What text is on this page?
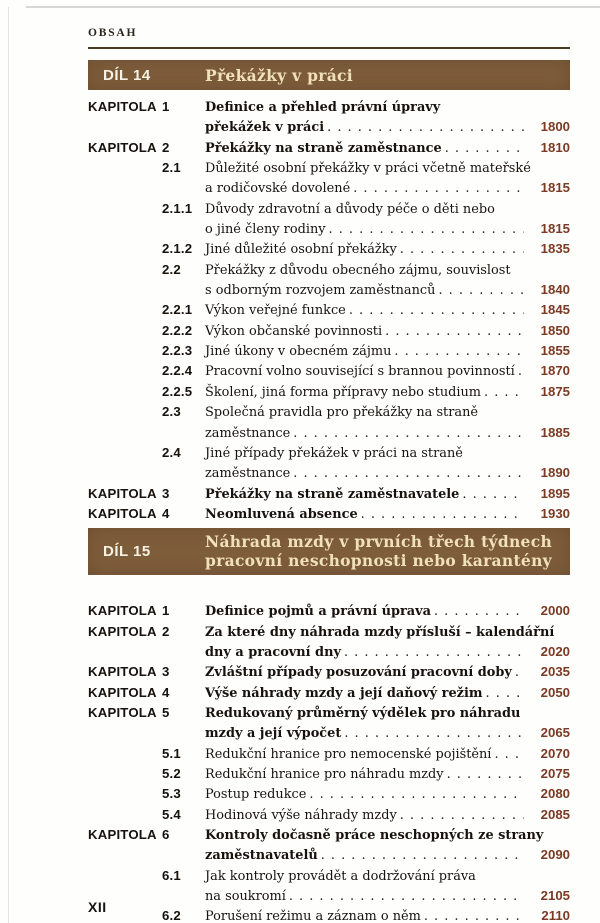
OBSAH
DÍL 14	Překážky v práci
KAPITOLA 1	Definice a přehled právní úpravy
překážek v práci . . .	1800
KAPITOLA 2	Překážky na straně zaměstnance . . .	1810
2.1	Důležité osobní překážky v práci včetně mateřské
a rodičovské dovolené . . .	1815
2.1.1 Důvody zdravotní a důvody péče o děti nebo
o jiné členy rodiny . . .	1815
2.1.2 Jiné důležité osobní překážky . . .	1835
2.2	Překážky z důvodu obecného zájmu, souvislost
s odborným rozvojem zaměstnanců . . .	1840
2.2.1 Výkon veřejné funkce . . .	1845
2.2.2 Výkon občanské povinnosti . . .	1850
2.2.3 Jiné úkony v obecném zájmu . . .	1855
2.2.4 Pracovní volno související s brannou povinností . . .	1870
2.2.5 Školení, jiná forma přípravy nebo studium . . .	1875
2.3	Společná pravidla pro překážky na straně
zaměstnance . . .	1885
2.4	Jiné případy překážek v práci na straně
zaměstnance . . .	1890
KAPITOLA 3	Překážky na straně zaměstnavatele . . .	1895
KAPITOLA 4	Neomluvená absence . . .	1930
DÍL 15	Náhrada mzdy v prvních třech týdnech
pracovní neschopnosti nebo karantény
KAPITOLA 1	Definice pojmů a právní úprava . . .	2000
KAPITOLA 2	Za které dny náhrada mzdy přísluší – kalendářní
dny a pracovní dny . . .	2020
KAPITOLA 3	Zvláštní případy posuzování pracovní doby . . .	2035
KAPITOLA 4	Výše náhrady mzdy a její daňový režim . . .	2050
KAPITOLA 5	Redukovaný průměrný výdělek pro náhradu
mzdy a její výpočet . . .	2065
5.1	Redukční hranice pro nemocenské pojištění . . .	2070
5.2	Redukční hranice pro náhradu mzdy . . .	2075
5.3	Postup redukce . . .	2080
5.4	Hodinová výše náhrady mzdy . . .	2085
KAPITOLA 6	Kontroly dočasně práce neschopných ze strany
zaměstnavatelů . . .	2090
6.1	Jak kontroly provádět a dodržování práva
na soukromí . . .	2105
6.2	Porušení režimu a záznam o něm . . .	2110
XII
